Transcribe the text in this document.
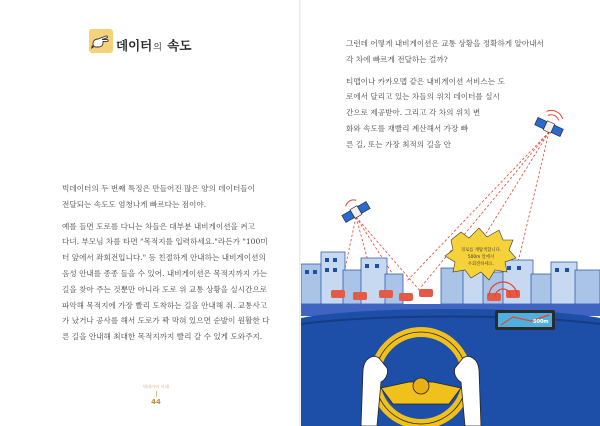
데이터의 속도

빅데이터의 두 번째 특징은 만들어진 많은 양의 데이터들이

전달되는 속도도 엄청나게 빠르다는 점이야.

예를 들면 도로를 다니는 차들은 대부분 내비게이션을 켜고

다녀. 부모님 차를 타면 "목적지를 입력하세요."라든가 "100미

터 앞에서 좌회전입니다." 등 친절하게 안내하는 내비게이션의

음성 안내를 종종 들을 수 있어. 내비게이션은 목적지까지 가는

길을 찾아 주는 것뿐만 아니라 도로 위 교통 상황을 실시간으로

파악해 목적지에 가장 빨리 도착하는 길을 안내해 줘. 교통사고

가 났거나 공사를 해서 도로가 꽉 막혀 있으면 순발이 원활한 다

른 길을 안내해 최대한 목적지까지 빨리 갈 수 있게 도와주지.

빅데이터 시대
44

그런데 어떻게 내비게이션은 교통 상황을 정확하게 알아내서

각 차에 빠르게 전달하는 걸까?

티맵이나 카카오맵 같은 내비게이션 서비스는 도

로에서 달리고 있는 차들의 위치 데이터를 실시

간으로 제공받아. 그리고 각 차의 위치 변

화와 속도를 재빨리 계산해서 가장 빠

른 길, 또는 가장 최적의 길을 안

경로를 재탐색합니다.
500m 앞에서
우회전하세요.
500m
